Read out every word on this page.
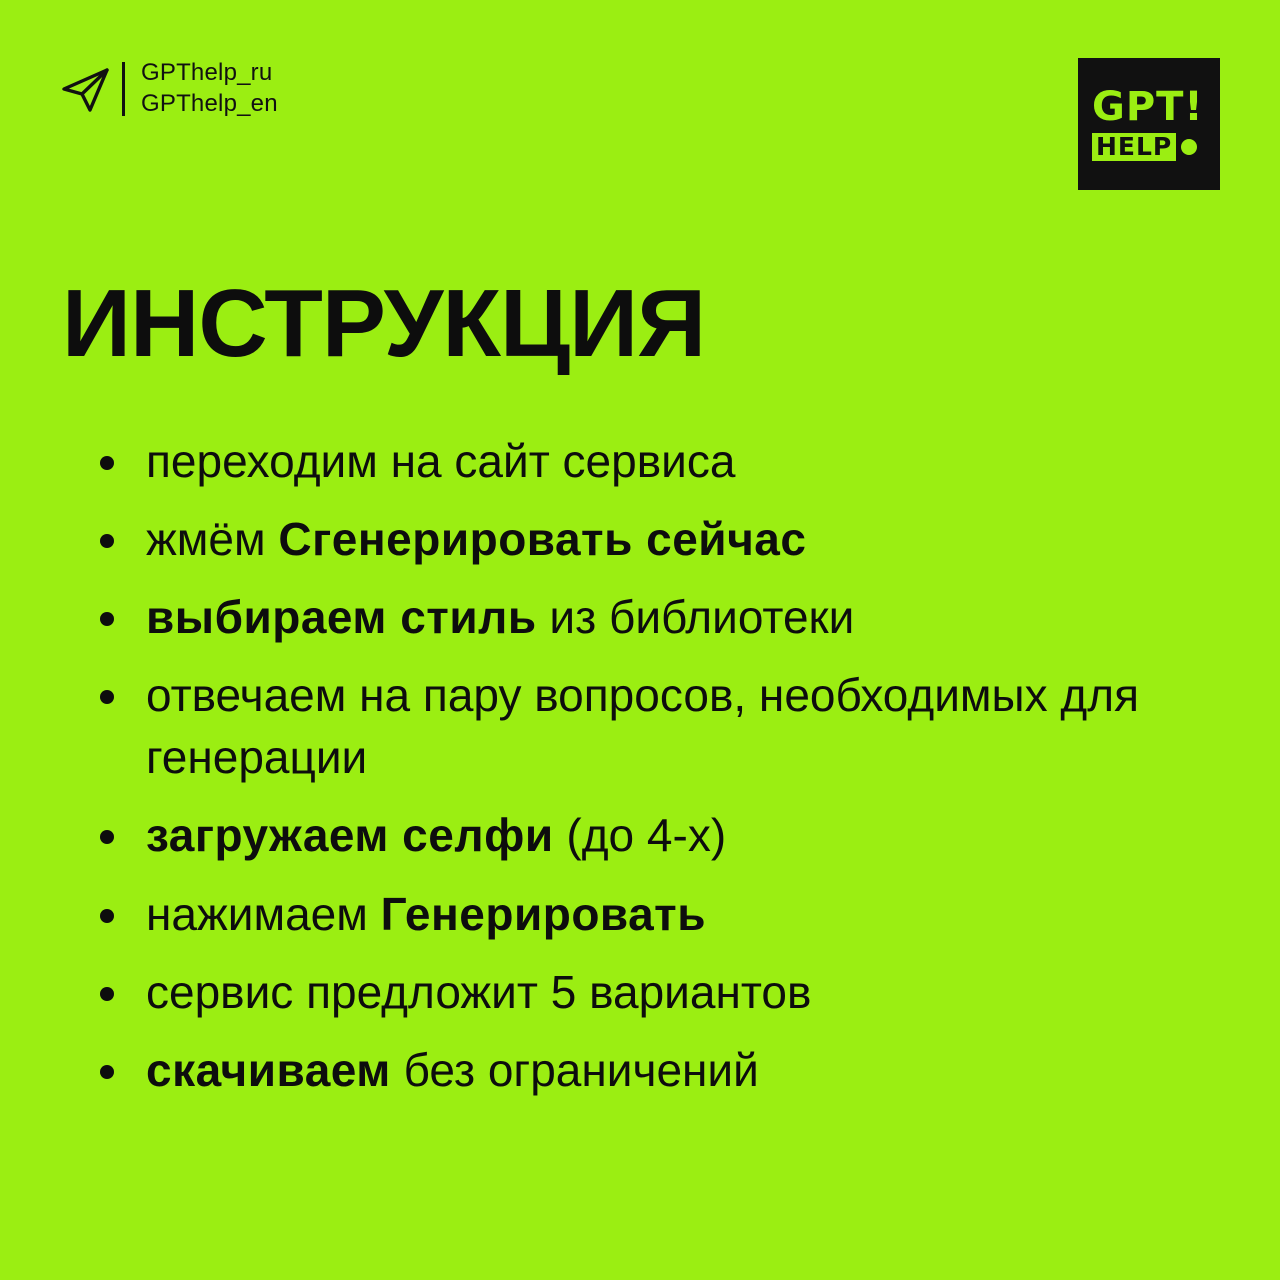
GPThelp_ru
GPThelp_en	GPT!
HELP
ИНСТРУКЦИЯ
переходим на сайт сервиса
жмём Сгенерировать сейчас
выбираем стиль из библиотеки
отвечаем на пару вопросов, необходимых для генерации
загружаем селфи (до 4-х)
нажимаем Генерировать
сервис предложит 5 вариантов
скачиваем без ограничений
